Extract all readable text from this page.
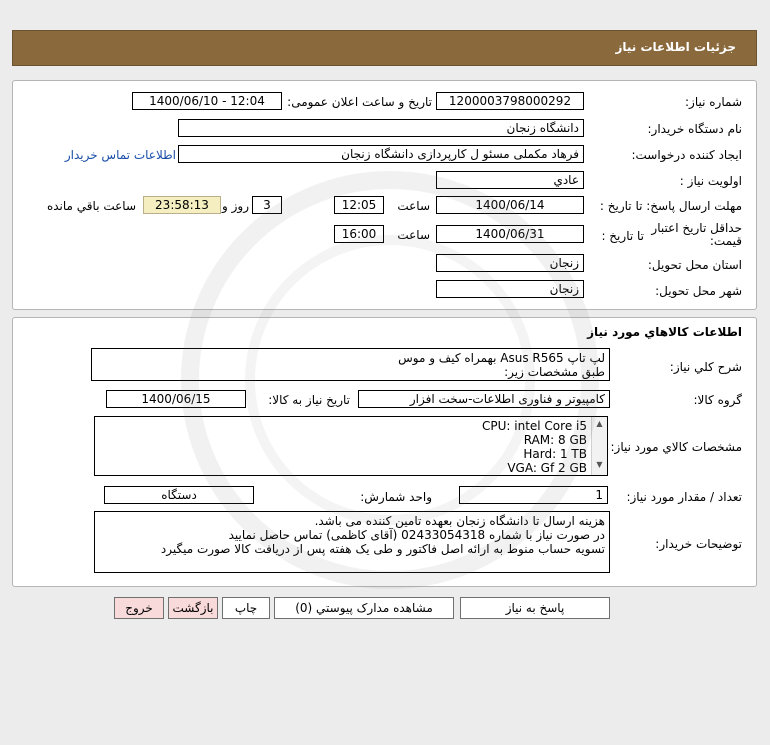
جزئيات اطلاعات نياز
شماره نياز:
1200003798000292
تاريخ و ساعت اعلان عمومی:
1400/06/10 - 12:04
نام دستگاه خريدار:
دانشگاه زنجان
ايجاد کننده درخواست:
فرهاد مکملی مسئو ل کارپردازی دانشگاه زنجان
اطلاعات تماس خريدار
اولويت نياز :
عادي
مهلت ارسال پاسخ: تا تاریخ :
1400/06/14
ساعت
12:05
3
روز و
23:58:13
ساعت باقي مانده
حداقل تاريخ اعتبار قيمت:
تا تاریخ :
1400/06/31
ساعت
16:00
استان محل تحويل:
زنجان
شهر محل تحويل:
زنجان
اطلاعات کالاهاي مورد نياز
شرح کلي نياز:
لپ تاپ Asus R565 بهمراه کیف و موس
طبق مشخصات زیر:
گروه کالا:
کامپیوتر و فناوری اطلاعات-سخت افزار
تاريخ نياز به کالا:
1400/06/15
مشخصات کالاي مورد نياز:
CPU: intel Core i5
RAM: 8 GB
Hard: 1 TB
VGA: Gf 2 GB
▲
▼
تعداد / مقدار مورد نياز:
1
واحد شمارش:
دستگاه
توضيحات خريدار:
هزینه ارسال تا دانشگاه زنجان بعهده تامین کننده می باشد.
در صورت نیاز با شماره 02433054318 (آقای کاظمی) تماس حاصل نمایید
تسویه حساب منوط به ارائه اصل فاکتور و طی یک هفته پس از دریافت کالا صورت میگیرد
پاسخ به نياز
مشاهده مدارک پيوستي (0)
چاپ
بازگشت
خروج
